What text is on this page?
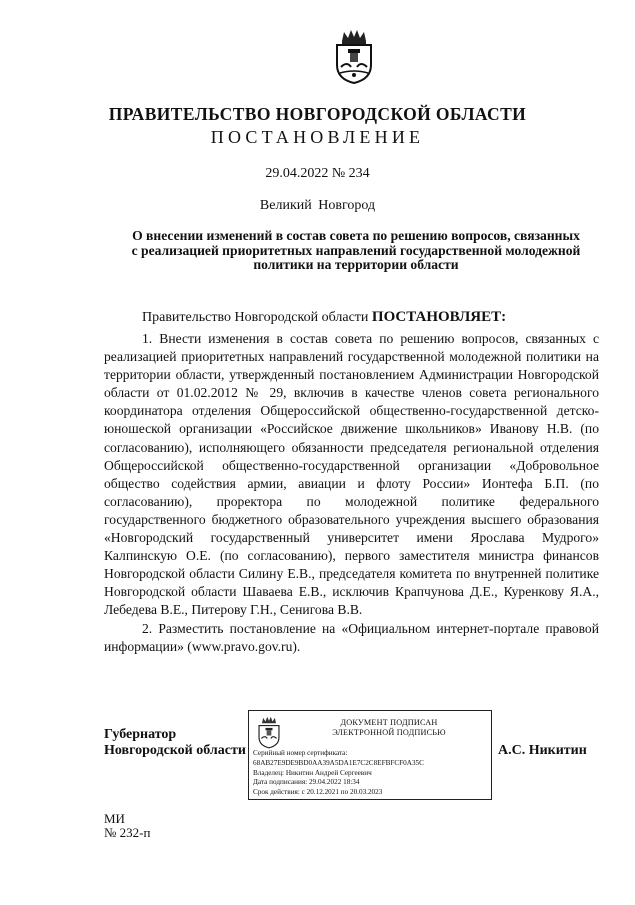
ПРАВИТЕЛЬСТВО НОВГОРОДСКОЙ ОБЛАСТИ
ПОСТАНОВЛЕНИЕ
29.04.2022 № 234
Великий Новгород
О внесении изменений в состав совета по решению вопросов, связанных
с реализацией приоритетных направлений государственной молодежной
политики на территории области
Правительство Новгородской области ПОСТАНОВЛЯЕТ:

1. Внести изменения в состав совета по решению вопросов, связанных с реализацией приоритетных направлений государственной молодежной политики на территории области, утвержденный постановлением Администрации Новгородской области от 01.02.2012 № 29, включив в качестве членов совета регионального координатора отделения Общероссийской общественно-государственной детско-юношеской организации «Российское движение школьников» Иванову Н.В. (по согласованию), исполняющего обязанности председателя региональной отделения Общероссийской общественно-государственной организации «Добровольное общество содействия армии, авиации и флоту России» Ионтефа Б.П. (по согласованию), проректора по молодежной политике федерального государственного бюджетного образовательного учреждения высшего образования «Новгородский государственный университет имени Ярослава Мудрого» Калпинскую О.Е. (по согласованию), первого заместителя министра финансов Новгородской области Силину Е.В., председателя комитета по внутренней политике Новгородской области Шаваева Е.В., исключив Крапчунова Д.Е., Куренкову Я.А., Лебедева В.Е., Питерову Г.Н., Сенигова В.В.

2. Разместить постановление на «Официальном интернет-портале правовой информации» (www.pravo.gov.ru).

Губернатор
Новгородской области
ДОКУМЕНТ ПОДПИСАН
ЭЛЕКТРОННОЙ ПОДПИСЬЮ
Серийный номер сертификата:
68AB27E9DE9BD0AA39A5DA1E7C2C8EFBFCF0A35C
Владелец: Никитин Андрей Сергеевич
Дата подписания: 29.04.2022 18:34
Срок действия: с 20.12.2021 по 20.03.2023
А.С. Никитин
МИ
№ 232-п
